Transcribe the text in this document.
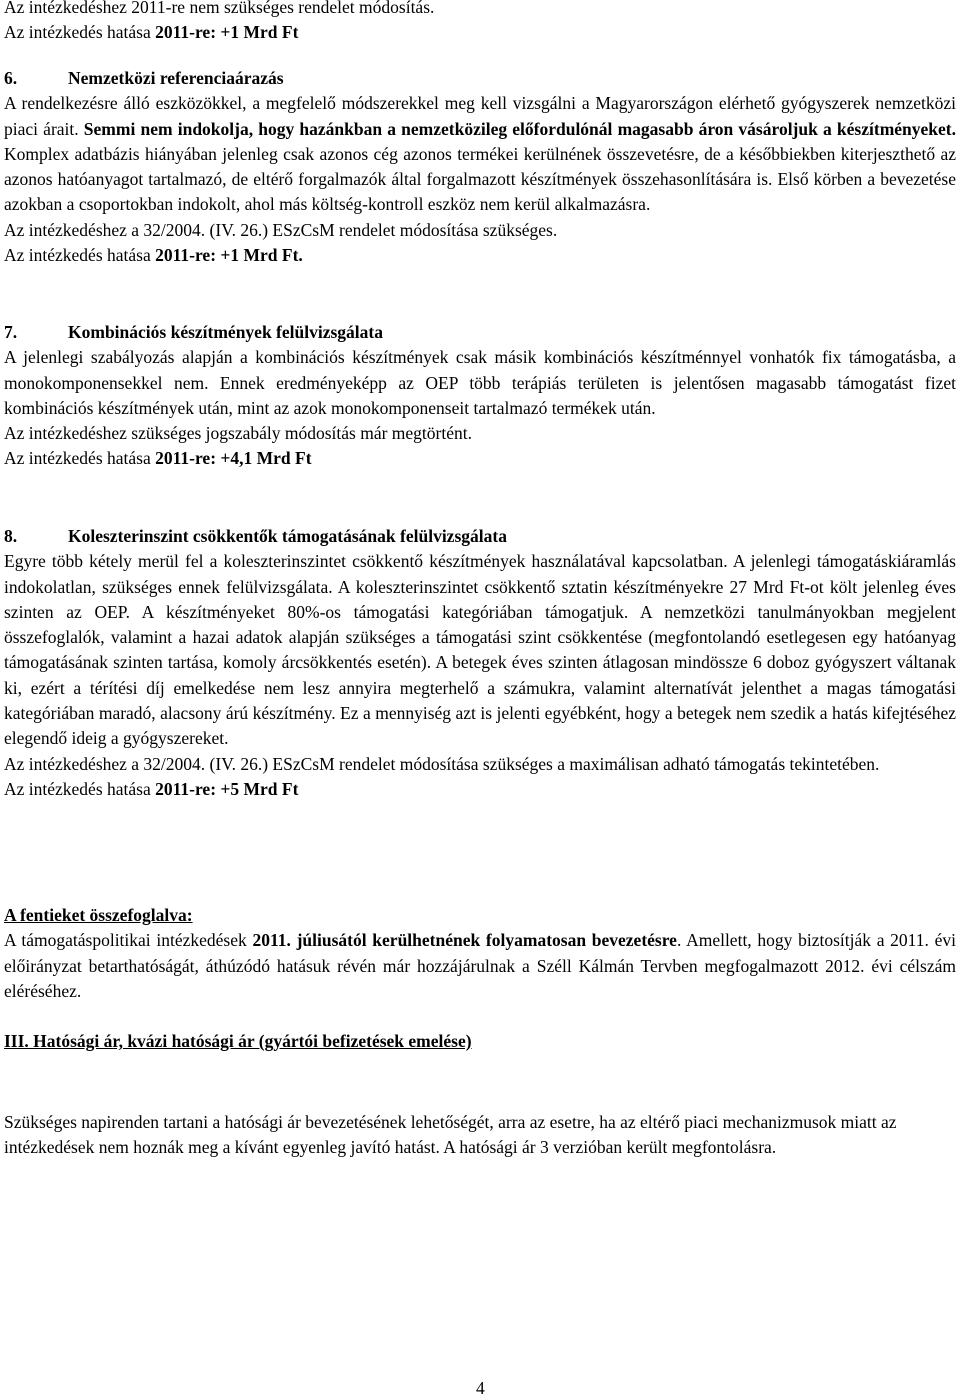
Az intézkedéshez 2011-re nem szükséges rendelet módosítás.

Az intézkedés hatása 2011-re: +1 Mrd Ft

6.	Nemzetközi referenciaárazás

A rendelkezésre álló eszközökkel, a megfelelő módszerekkel meg kell vizsgálni a Magyarországon elérhető gyógyszerek nemzetközi piaci árait. Semmi nem indokolja, hogy hazánkban a nemzetközileg előfordulónál magasabb áron vásároljuk a készítményeket. Komplex adatbázis hiányában jelenleg csak azonos cég azonos termékei kerülnének összevetésre, de a későbbiekben kiterjeszthető az azonos hatóanyagot tartalmazó, de eltérő forgalmazók által forgalmazott készítmények összehasonlítására is. Első körben a bevezetése azokban a csoportokban indokolt, ahol más költség-kontroll eszköz nem kerül alkalmazásra.

Az intézkedéshez a 32/2004. (IV. 26.) ESzCsM rendelet módosítása szükséges.

Az intézkedés hatása 2011-re: +1 Mrd Ft.

7.	Kombinációs készítmények felülvizsgálata

A jelenlegi szabályozás alapján a kombinációs készítmények csak másik kombinációs készítménnyel vonhatók fix támogatásba, a monokomponensekkel nem. Ennek eredményeképp az OEP több terápiás területen is jelentősen magasabb támogatást fizet kombinációs készítmények után, mint az azok monokomponenseit tartalmazó termékek után.

Az intézkedéshez szükséges jogszabály módosítás már megtörtént.

Az intézkedés hatása 2011-re: +4,1 Mrd Ft

8.	Koleszterinszint csökkentők támogatásának felülvizsgálata

Egyre több kétely merül fel a koleszterinszintet csökkentő készítmények használatával kapcsolatban. A jelenlegi támogatáskiáramlás indokolatlan, szükséges ennek felülvizsgálata. A koleszterinszintet csökkentő sztatin készítményekre 27 Mrd Ft-ot költ jelenleg éves szinten az OEP. A készítményeket 80%-os támogatási kategóriában támogatjuk. A nemzetközi tanulmányokban megjelent összefoglalók, valamint a hazai adatok alapján szükséges a támogatási szint csökkentése (megfontolandó esetlegesen egy hatóanyag támogatásának szinten tartása, komoly árcsökkentés esetén). A betegek éves szinten átlagosan mindössze 6 doboz gyógyszert váltanak ki, ezért a térítési díj emelkedése nem lesz annyira megterhelő a számukra, valamint alternatívát jelenthet a magas támogatási kategóriában maradó, alacsony árú készítmény. Ez a mennyiség azt is jelenti egyébként, hogy a betegek nem szedik a hatás kifejtéséhez elegendő ideig a gyógyszereket.

Az intézkedéshez a 32/2004. (IV. 26.) ESzCsM rendelet módosítása szükséges a maximálisan adható támogatás tekintetében.

Az intézkedés hatása 2011-re: +5 Mrd Ft

A fentieket összefoglalva:

A támogatáspolitikai intézkedések 2011. júliusától kerülhetnének folyamatosan bevezetésre. Amellett, hogy biztosítják a 2011. évi előirányzat betarthatóságát, áthúzódó hatásuk révén már hozzájárulnak a Széll Kálmán Tervben megfogalmazott 2012. évi célszám eléréséhez.

III. Hatósági ár, kvázi hatósági ár (gyártói befizetések emelése)

Szükséges napirenden tartani a hatósági ár bevezetésének lehetőségét, arra az esetre, ha az eltérő piaci mechanizmusok miatt az intézkedések nem hoznák meg a kívánt egyenleg javító hatást. A hatósági ár 3 verzióban került megfontolásra.

4
